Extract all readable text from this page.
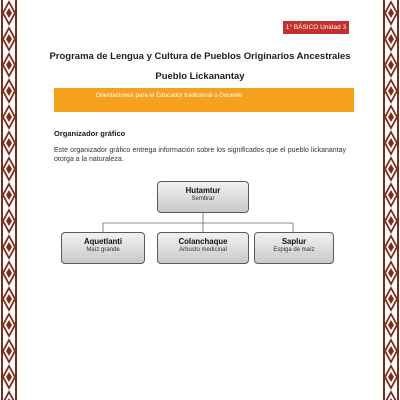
1° BÁSICO Unidad 3
Programa de Lengua y Cultura de Pueblos Originarios Ancestrales
Pueblo Lickanantay
Orientaciones para el Educador tradicional o Docente
Organizador gráfico
Este organizador gráfico entrega información sobre los significados que el pueblo lickanantay otorga a la naturaleza.
Hutamtur
Sembrar
Aquetlanti
Maíz grande
Colanchaque
Arbusto medicinal
Saplur
Espiga de maíz
